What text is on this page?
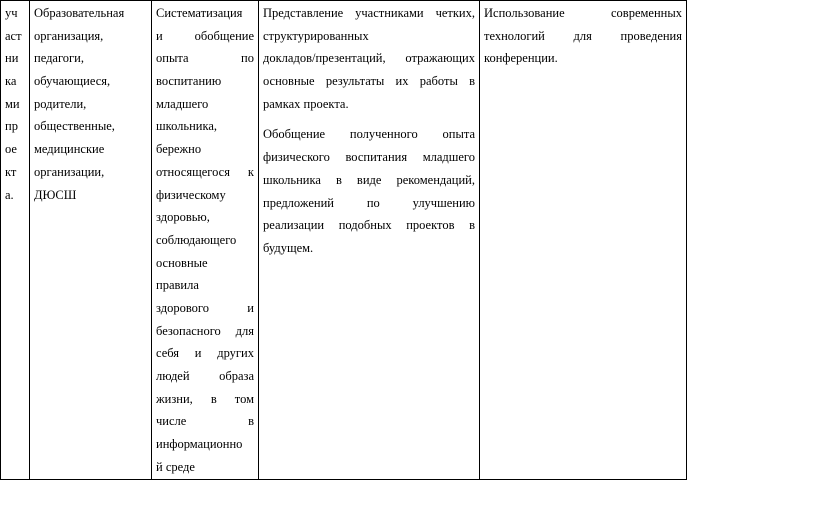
уч
аст
ни
ка
ми
пр
ое
кт
а.

Образовательная
организация,
педагоги,
обучающиеся,
родители,
общественные,
медицинские
организации,
ДЮСШ

Систематизация
и обобщение
опыта по
воспитанию
младшего
школьника,
бережно
относящегося к
физическому
здоровью,
соблюдающего
основные
правила
здорового и
безопасного для
себя и других
людей образа
жизни, в том
числе в
информационно
й среде

Представление участниками четких,
структурированных
докладов/презентаций, отражающих
основные результаты их работы в
рамках проекта.
Обобщение полученного опыта
физического воспитания младшего
школьника в виде рекомендаций,
предложений по улучшению
реализации подобных проектов в
будущем.

Использование современных
технологий для проведения
конференции.
